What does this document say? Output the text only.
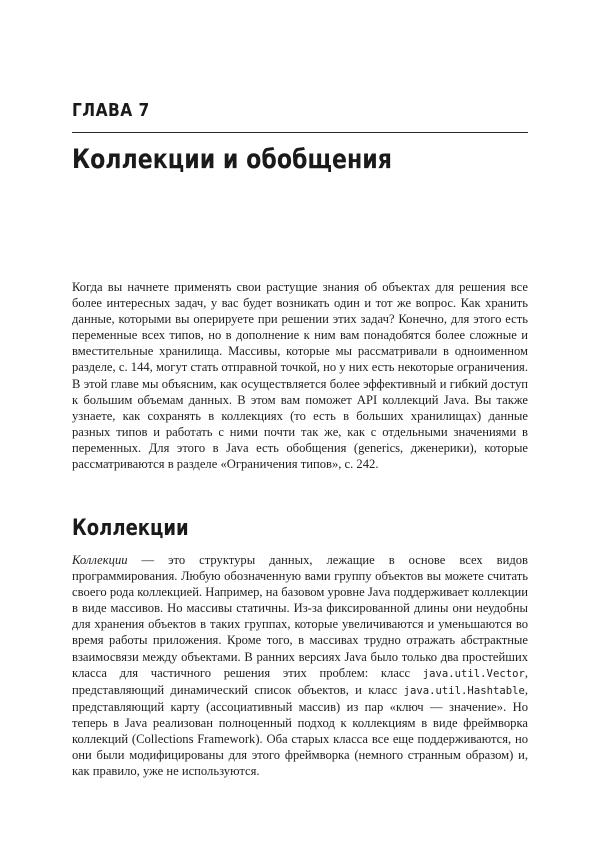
ГЛАВА 7
Коллекции и обобщения

Когда вы начнете применять свои растущие знания об объектах для решения все более интересных задач, у вас будет возникать один и тот же вопрос. Как хранить данные, которыми вы оперируете при решении этих задач? Конечно, для этого есть переменные всех типов, но в дополнение к ним вам понадобятся более сложные и вместительные хранилища. Массивы, которые мы рассматривали в одноименном разделе, с. 144, могут стать отправной точкой, но у них есть некоторые ограничения. В этой главе мы объясним, как осуществляется более эффективный и гибкий доступ к большим объемам данных. В этом вам поможет API коллекций Java. Вы также узнаете, как сохранять в коллекциях (то есть в больших хранилищах) данные разных типов и работать с ними почти так же, как с отдельными значениями в переменных. Для этого в Java есть обобщения (generics, дженерики), которые рассматриваются в разделе «Ограничения типов», с. 242.

Коллекции

Коллекции — это структуры данных, лежащие в основе всех видов программирования. Любую обозначенную вами группу объектов вы можете считать своего рода коллекцией. Например, на базовом уровне Java поддерживает коллекции в виде массивов. Но массивы статичны. Из-за фиксированной длины они неудобны для хранения объектов в таких группах, которые увеличиваются и уменьшаются во время работы приложения. Кроме того, в массивах трудно отражать абстрактные взаимосвязи между объектами. В ранних версиях Java было только два простейших класса для частичного решения этих проблем: класс java.util.Vector, представляющий динамический список объектов, и класс java.util.Hashtable, представляющий карту (ассоциативный массив) из пар «ключ — значение». Но теперь в Java реализован полноценный подход к коллекциям в виде фреймворка коллекций (Collections Framework). Оба старых класса все еще поддерживаются, но они были модифицированы для этого фреймворка (немного странным образом) и, как правило, уже не используются.
